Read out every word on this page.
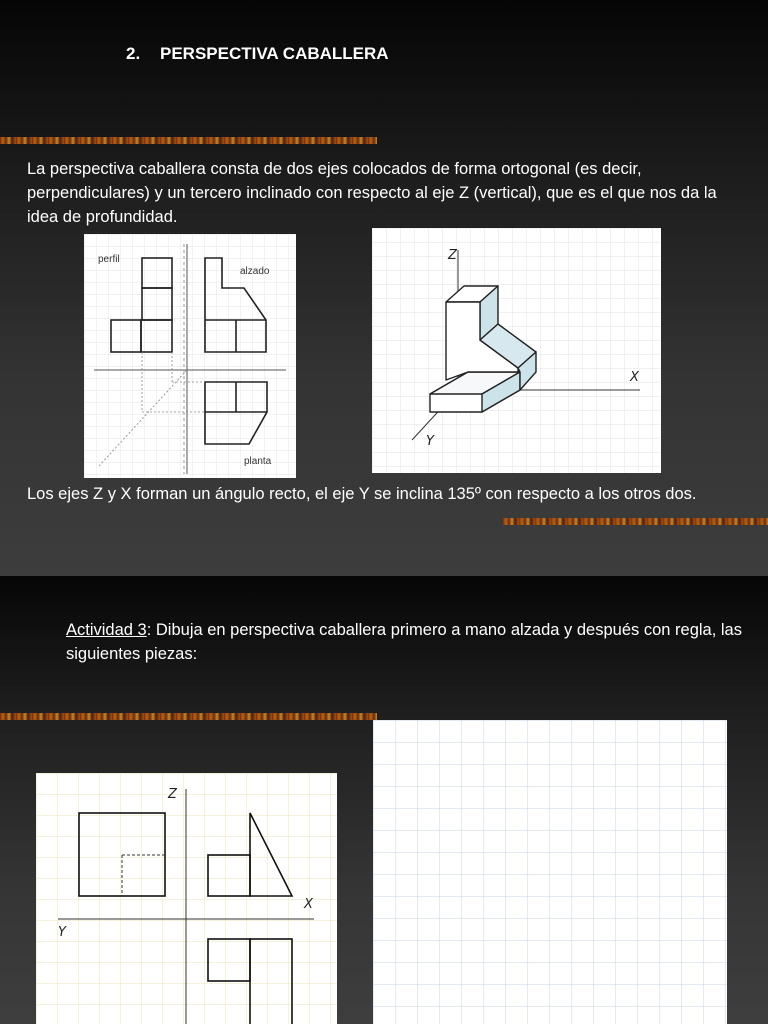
2. PERSPECTIVA CABALLERA

La perspectiva caballera consta de dos ejes colocados de forma ortogonal (es decir, perpendiculares) y un tercero inclinado con respecto al eje Z (vertical), que es el que nos da la idea de profundidad.

perfil
alzado
planta
Z
X
Y

Los ejes Z y X forman un ángulo recto, el eje Y se inclina 135º con respecto a los otros dos.

Actividad 3: Dibuja en perspectiva caballera primero a mano alzada y después con regla, las siguientes piezas:

Z
X
Y
